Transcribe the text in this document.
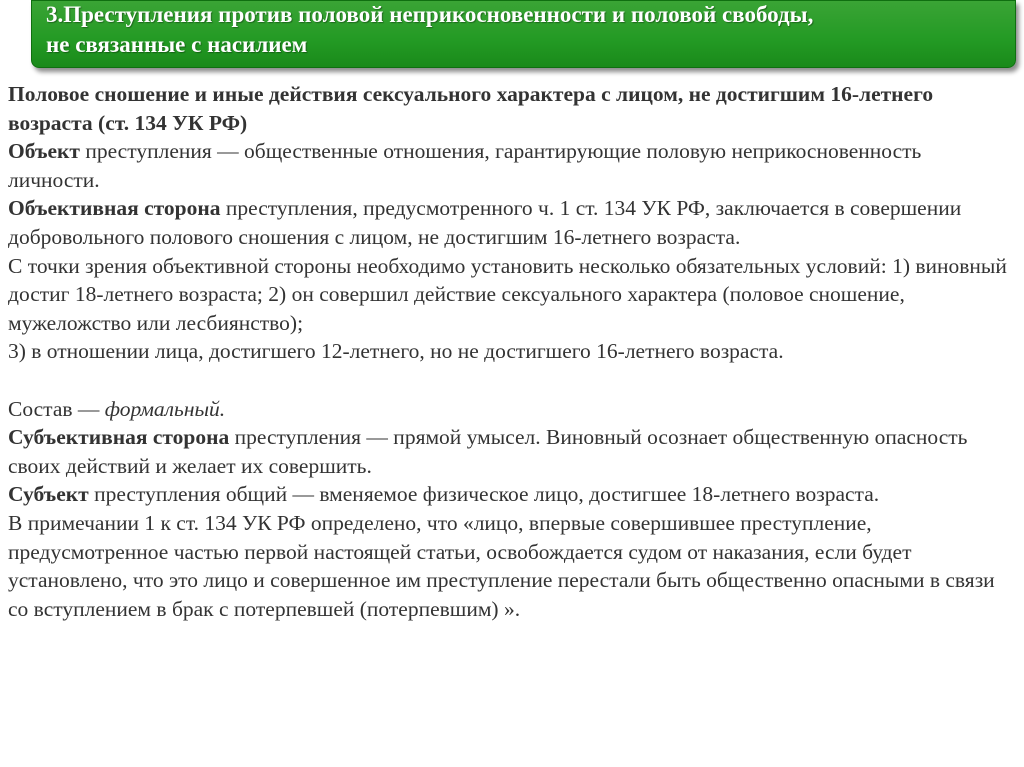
3.Преступления против половой неприкосновенности и половой свободы,
не связанные с насилием

Половое сношение и иные действия сексуального характера с лицом, не достигшим 16-летнего возраста (ст. 134 УК РФ)

Объект преступления — общественные отношения, гарантирующие половую неприкосновенность личности.

Объективная сторона преступления, предусмотренного ч. 1 ст. 134 УК РФ, заключается в совершении добровольного полового сношения с лицом, не достигшим 16-летнего возраста.

С точки зрения объективной стороны необходимо установить несколько обязательных условий: 1) виновный достиг 18-летнего возраста; 2) он совершил действие сексуального характера (половое сношение, мужеложство или лесбиянство);

3) в отношении лица, достигшего 12-летнего, но не достигшего 16-летнего возраста.

Состав — формальный.

Субъективная сторона преступления — прямой умысел. Виновный осознает общественную опасность своих действий и желает их совершить.

Субъект преступления общий — вменяемое физическое лицо, достигшее 18-летнего возраста.

В примечании 1 к ст. 134 УК РФ определено, что «лицо, впервые совершившее преступление, предусмотренное частью первой настоящей статьи, освобождается судом от наказания, если будет установлено, что это лицо и совершенное им преступление перестали быть общественно опасными в связи со вступлением в брак с потерпевшей (потерпевшим) ».
